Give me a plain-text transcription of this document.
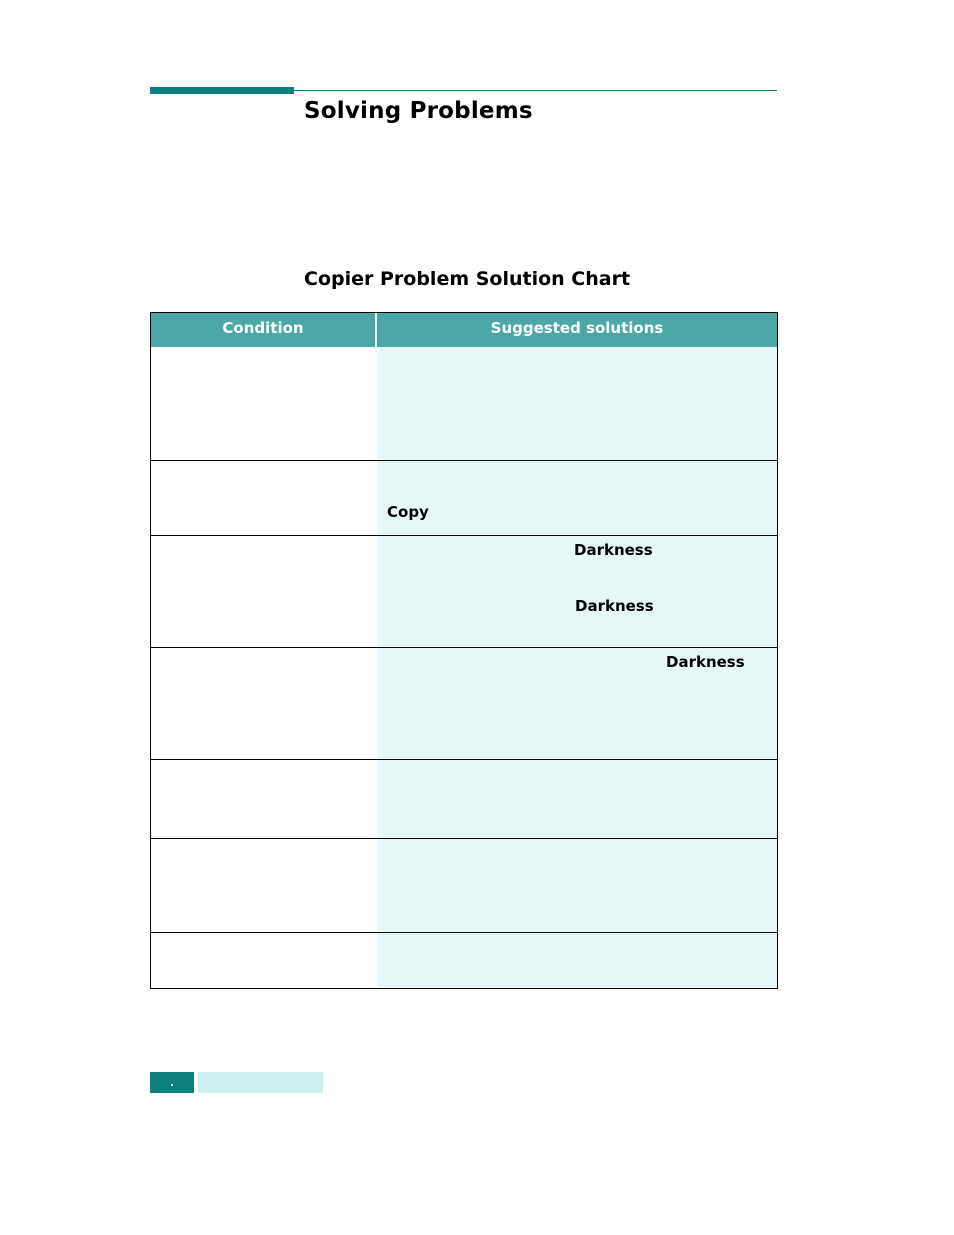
Solving Problems
Copier Problem Solution Chart
Condition	Suggested solutions
Copy
Darkness
Darkness
Darkness
.
